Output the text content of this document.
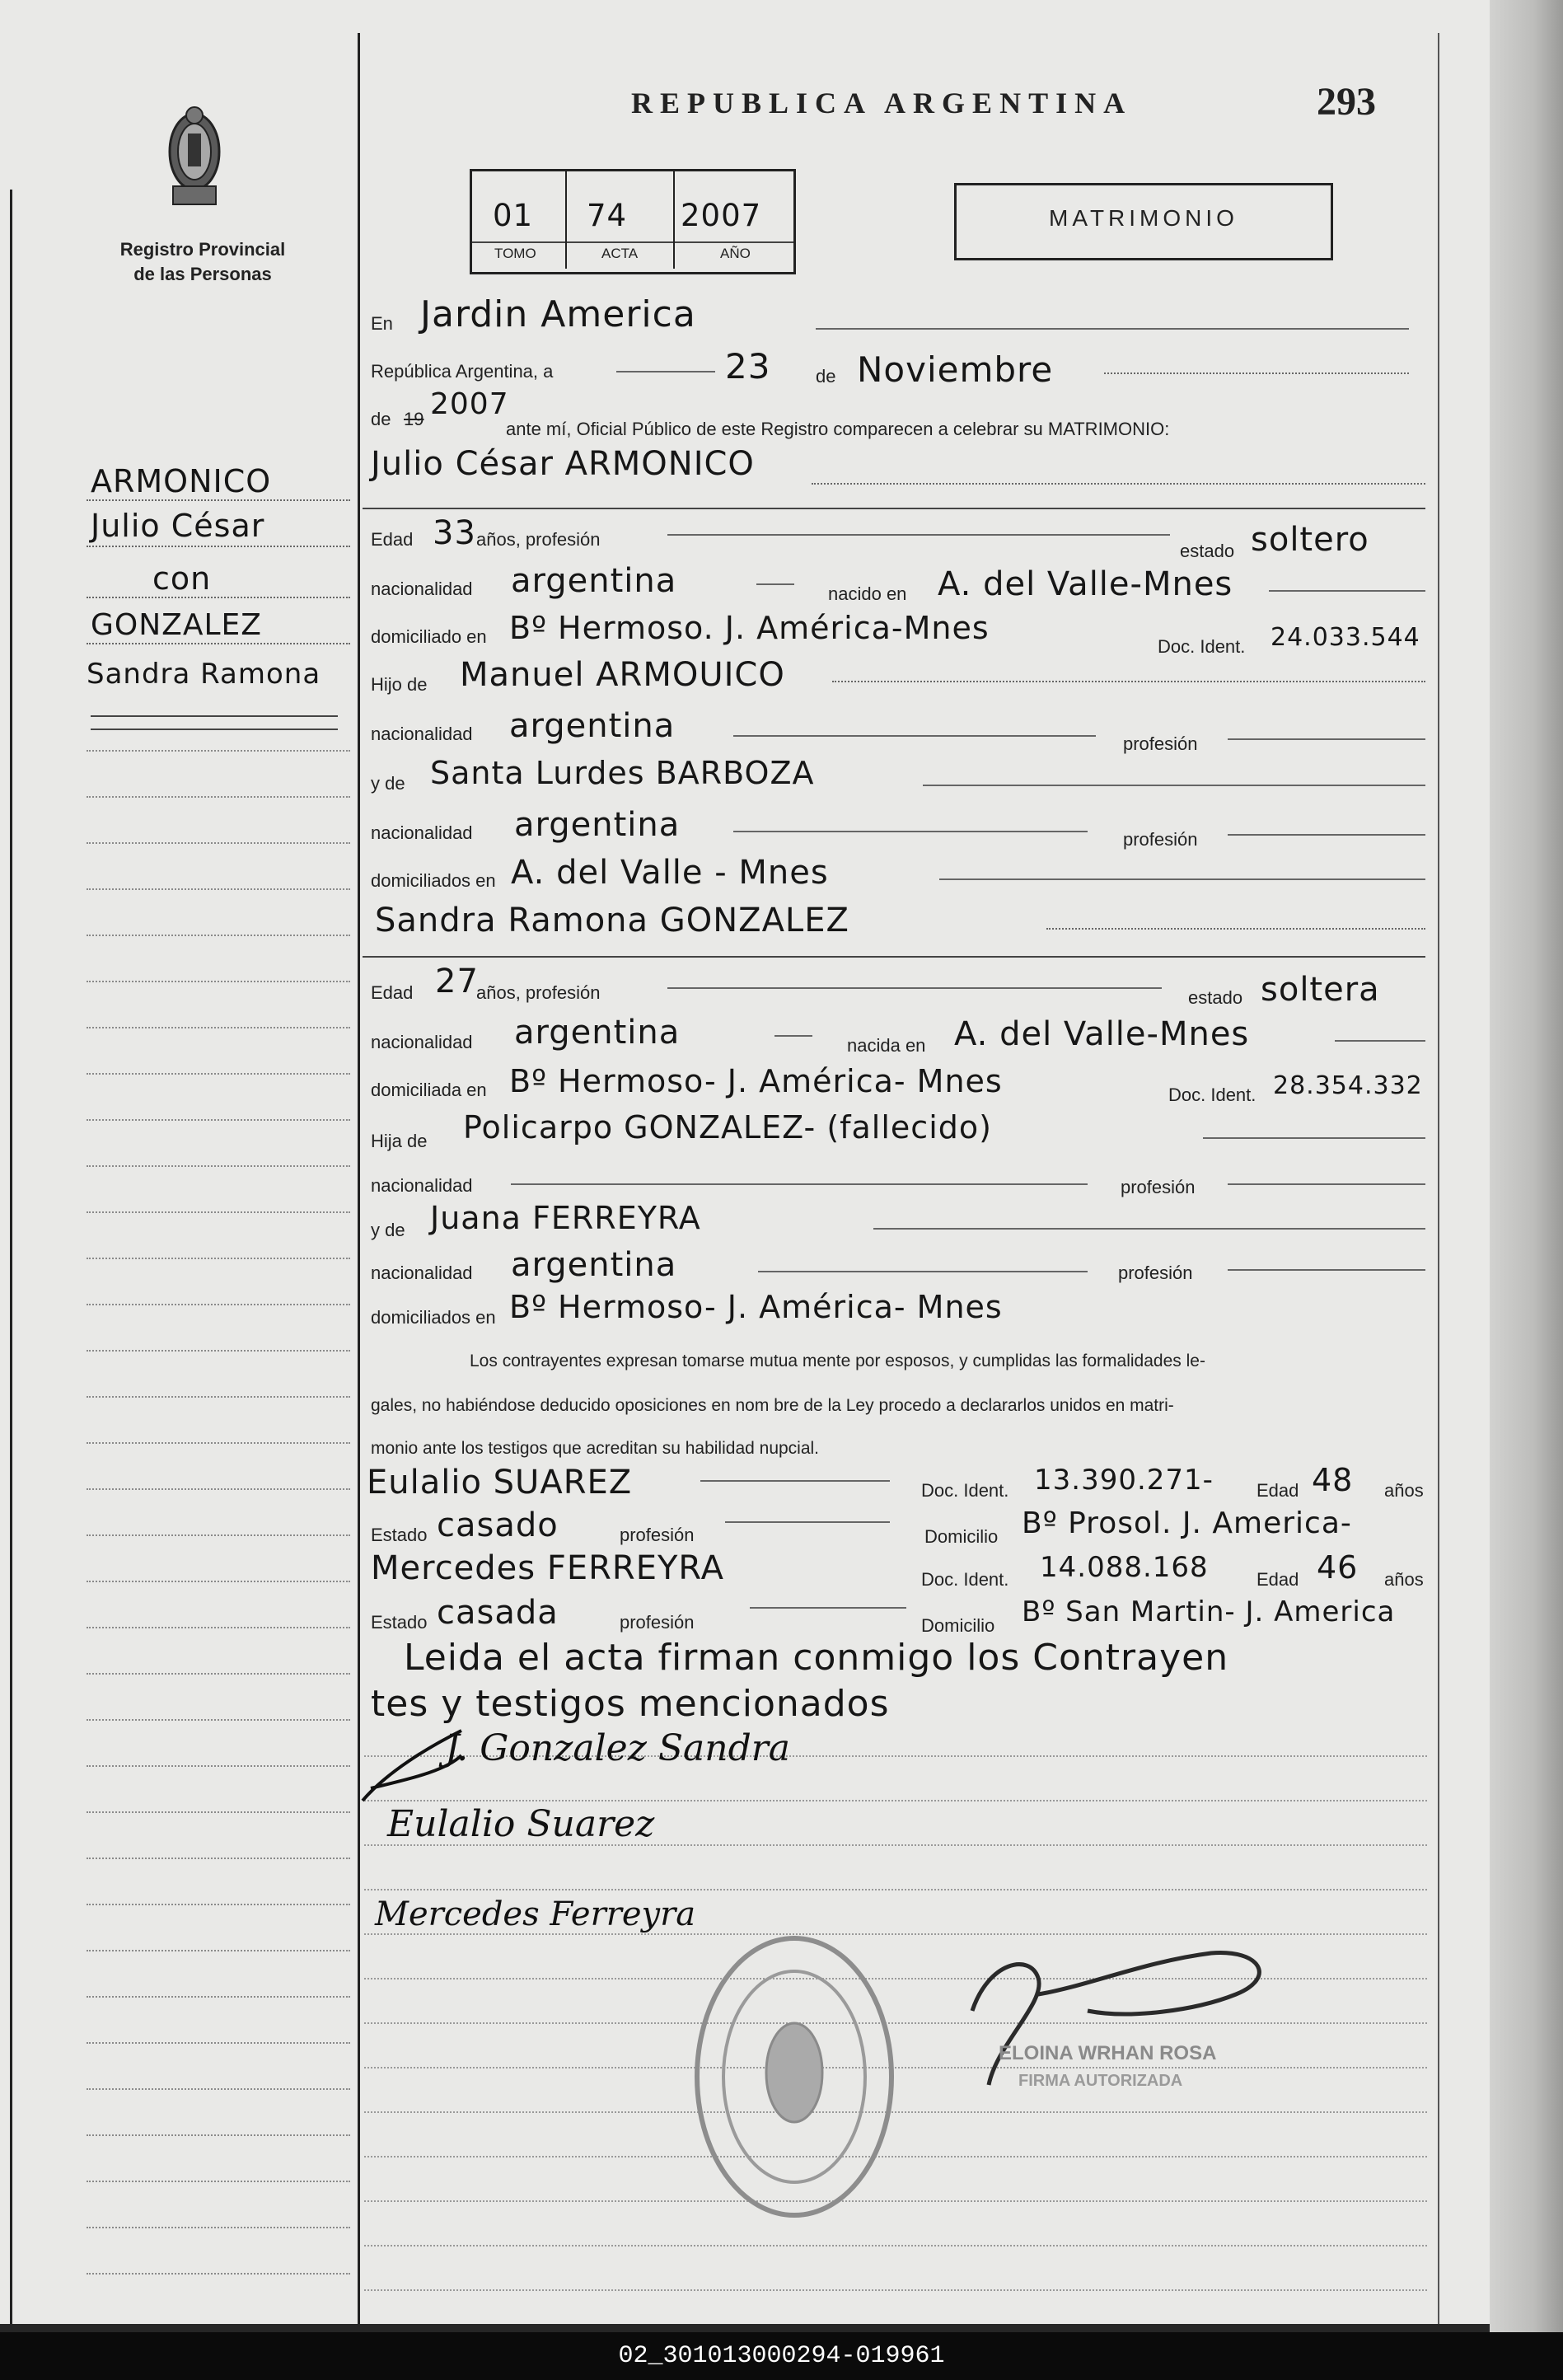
Registro Provincial
de las Personas
REPUBLICA ARGENTINA	293
01 74 2007
TOMO	ACTA	AÑO
MATRIMONIO
ARMONICO
Julio César
con
GONZALEZ
Sandra Ramona
En Jardin America
República Argentina, a	23 de Noviembre
de 19 2007
ante mí, Oficial Público de este Registro comparecen a celebrar su MATRIMONIO:
Julio César ARMONICO
Edad 33 años, profesión
estado soltero
nacionalidad argentina	nacido en A. del Valle-Mnes
domiciliado en Bº Hermoso. J. América-Mnes
Doc. Ident. 24.033.544
Hijo de Manuel ARMOUICO
nacionalidad argentina	profesión
y de Santa Lurdes BARBOZA
nacionalidad argentina	profesión
domiciliados en A. del Valle - Mnes
Sandra Ramona GONZALEZ
Edad 27
años, profesión	estado soltera
nacionalidad argentina	nacida en A. del Valle-Mnes
domiciliada en Bº Hermoso- J. América- Mnes	Doc. Ident. 28.354.332
Hija de Policarpo GONZALEZ- (fallecido)
nacionalidad	profesión
y de Juana FERREYRA
nacionalidad argentina	profesión
domiciliados en Bº Hermoso- J. América- Mnes
Los contrayentes expresan tomarse mutua mente por esposos, y cumplidas las formalidades le-
gales, no habiéndose deducido oposiciones en nom bre de la Ley procedo a declararlos unidos en matri-
monio ante los testigos que acreditan su habilidad nupcial.
Eulalio SUAREZ	Doc. Ident. 13.390.271- Edad 48 años
Estado casado	profesión	Domicilio Bº Prosol. J. America-
Mercedes FERREYRA	Doc. Ident. 14.088.168	Edad 46 años
Estado casada	profesión	Domicilio Bº San Martin- J. America
Leida el acta firman conmigo los Contrayen
tes y testigos mencionados
J. Gonzalez Sandra
Eulalio Suarez
Mercedes Ferreyra
ELOINA WRHAN ROSA
FIRMA AUTORIZADA
02_301013000294-019961
